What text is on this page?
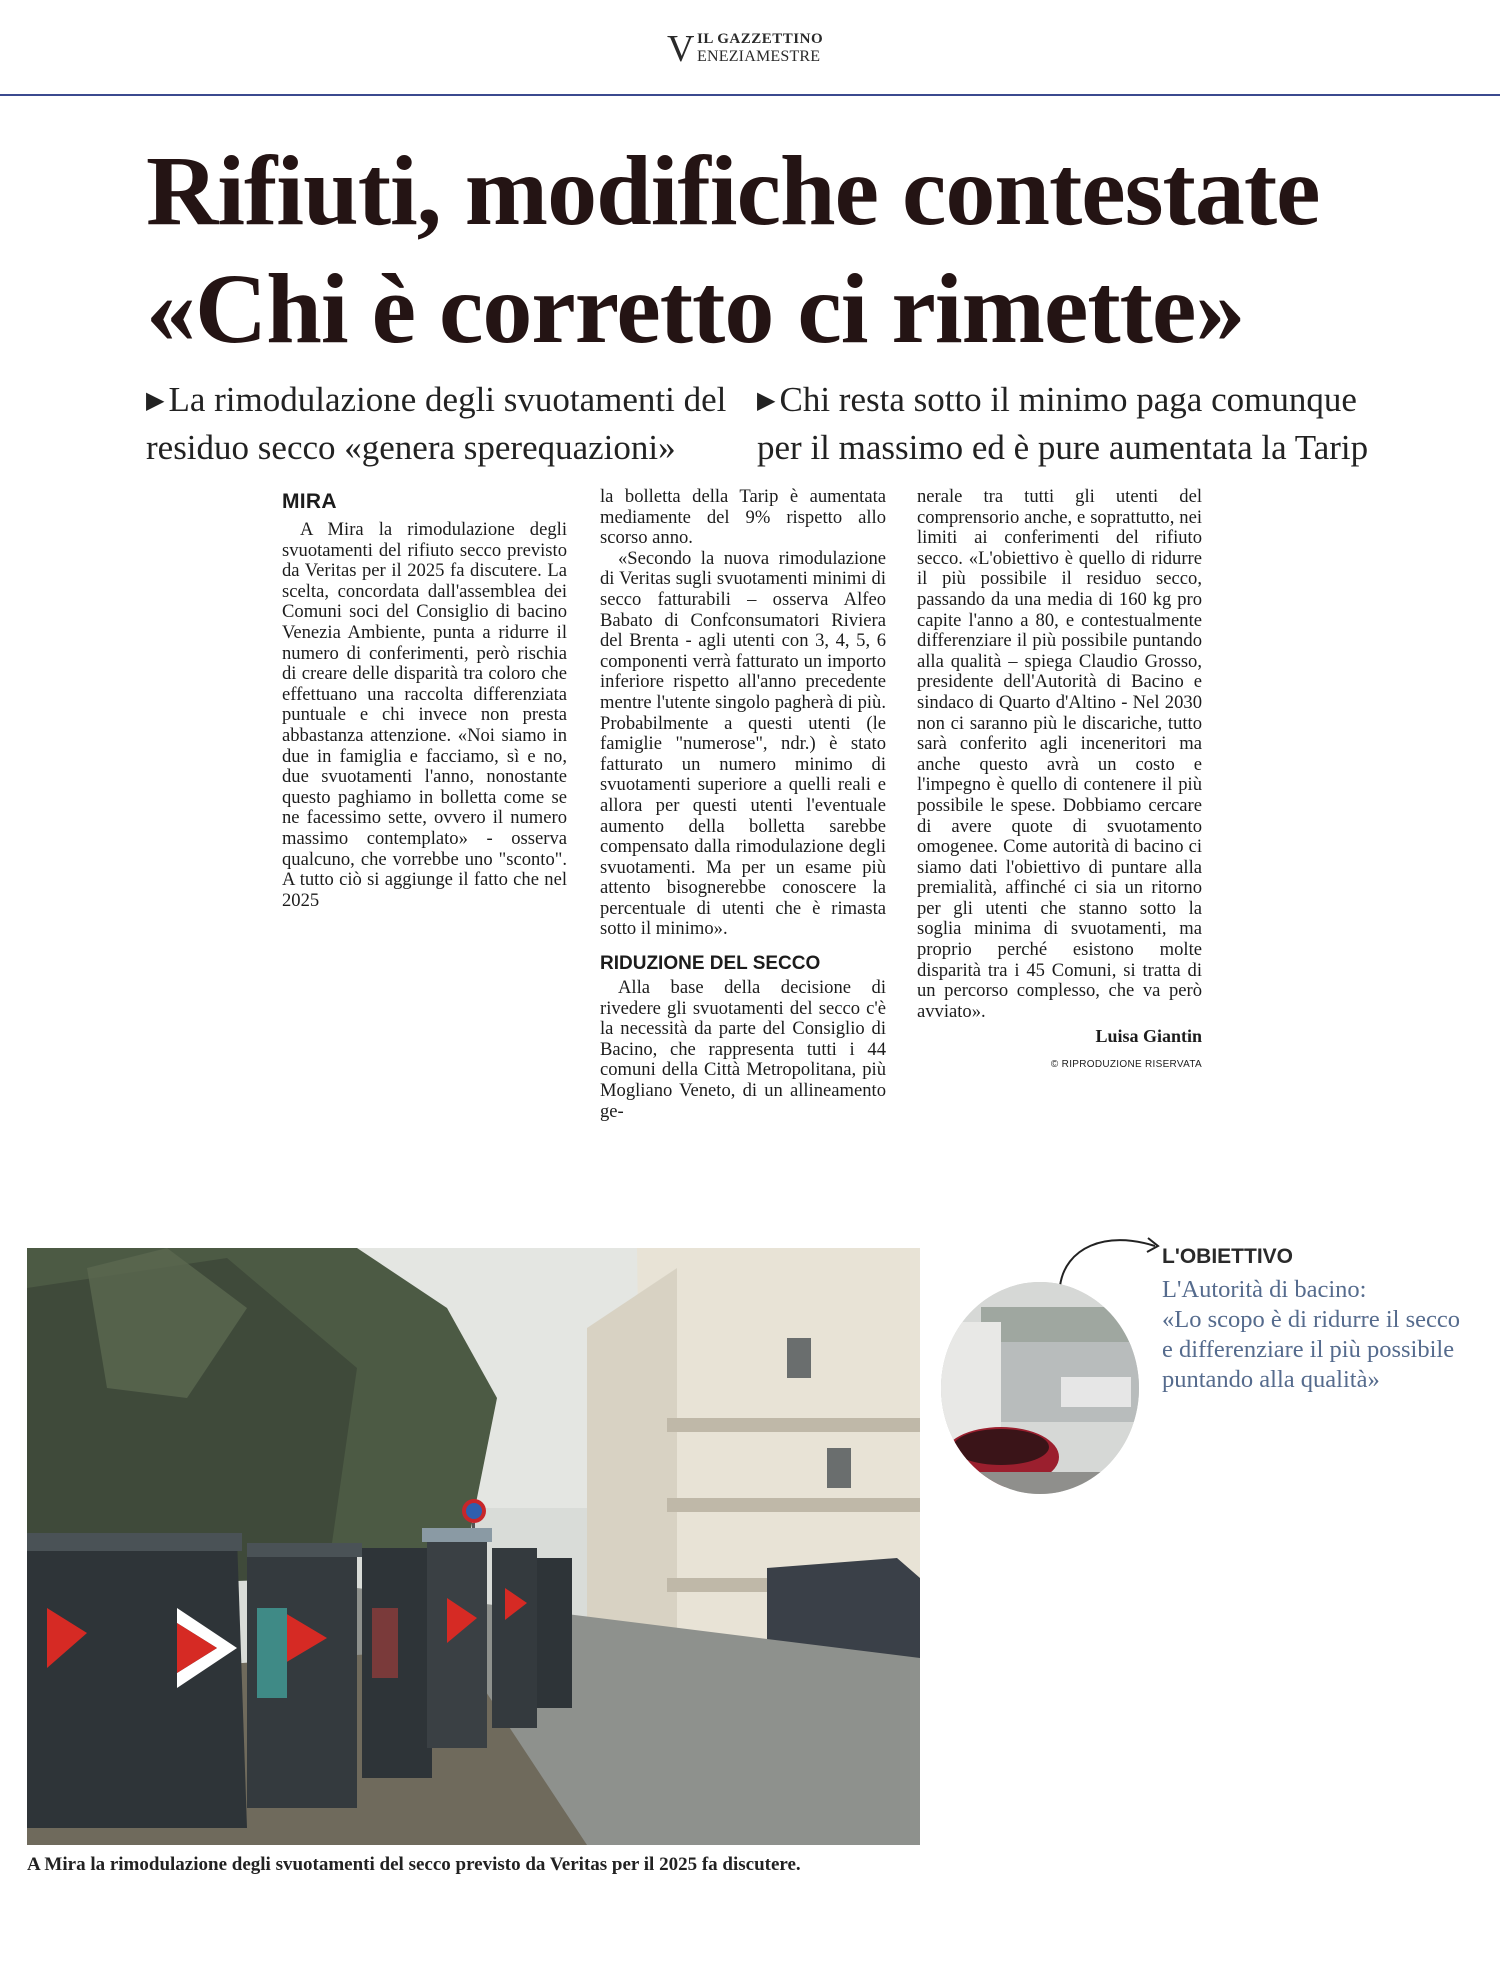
V IL GAZZETTINO
ENEZIAMESTRE
Rifiuti, modifiche contestate
«Chi è corretto ci rimette»
▶ La rimodulazione degli svuotamenti del residuo secco «genera sperequazioni»
▶ Chi resta sotto il minimo paga comunque per il massimo ed è pure aumentata la Tarip
MIRA

A Mira la rimodulazione degli svuotamenti del rifiuto secco previsto da Veritas per il 2025 fa discutere. La scelta, concordata dall'assemblea dei Comuni soci del Consiglio di bacino Venezia Ambiente, punta a ridurre il numero di conferimenti, però rischia di creare delle disparità tra coloro che effettuano una raccolta differenziata puntuale e chi invece non presta abbastanza attenzione. «Noi siamo in due in famiglia e facciamo, sì e no, due svuotamenti l'anno, nonostante questo paghiamo in bolletta come se ne facessimo sette, ovvero il numero massimo contemplato» - osserva qualcuno, che vorrebbe uno "sconto". A tutto ciò si aggiunge il fatto che nel 2025

la bolletta della Tarip è aumentata mediamente del 9% rispetto allo scorso anno.

«Secondo la nuova rimodulazione di Veritas sugli svuotamenti minimi di secco fatturabili – osserva Alfeo Babato di Confconsumatori Riviera del Brenta - agli utenti con 3, 4, 5, 6 componenti verrà fatturato un importo inferiore rispetto all'anno precedente mentre l'utente singolo pagherà di più. Probabilmente a questi utenti (le famiglie "numerose", ndr.) è stato fatturato un numero minimo di svuotamenti superiore a quelli reali e allora per questi utenti l'eventuale aumento della bolletta sarebbe compensato dalla rimodulazione degli svuotamenti. Ma per un esame più attento bisognerebbe conoscere la percentuale di utenti che è rimasta sotto il minimo».

RIDUZIONE DEL SECCO

Alla base della decisione di rivedere gli svuotamenti del secco c'è la necessità da parte del Consiglio di Bacino, che rappresenta tutti i 44 comuni della Città Metropolitana, più Mogliano Veneto, di un allineamento ge-

nerale tra tutti gli utenti del comprensorio anche, e soprattutto, nei limiti ai conferimenti del rifiuto secco. «L'obiettivo è quello di ridurre il più possibile il residuo secco, passando da una media di 160 kg pro capite l'anno a 80, e contestualmente differenziare il più possibile puntando alla qualità – spiega Claudio Grosso, presidente dell'Autorità di Bacino e sindaco di Quarto d'Altino - Nel 2030 non ci saranno più le discariche, tutto sarà conferito agli inceneritori ma anche questo avrà un costo e l'impegno è quello di contenere il più possibile le spese. Dobbiamo cercare di avere quote di svuotamento omogenee. Come autorità di bacino ci siamo dati l'obiettivo di puntare alla premialità, affinché ci sia un ritorno per gli utenti che stanno sotto la soglia minima di svuotamenti, ma proprio perché esistono molte disparità tra i 45 Comuni, si tratta di un percorso complesso, che va però avviato».

Luisa Giantin
© RIPRODUZIONE RISERVATA
A Mira la rimodulazione degli svuotamenti del secco previsto da Veritas per il 2025 fa discutere.
L'OBIETTIVO
L'Autorità di bacino:
«Lo scopo è di ridurre il secco
e differenziare il più possibile
puntando alla qualità»
